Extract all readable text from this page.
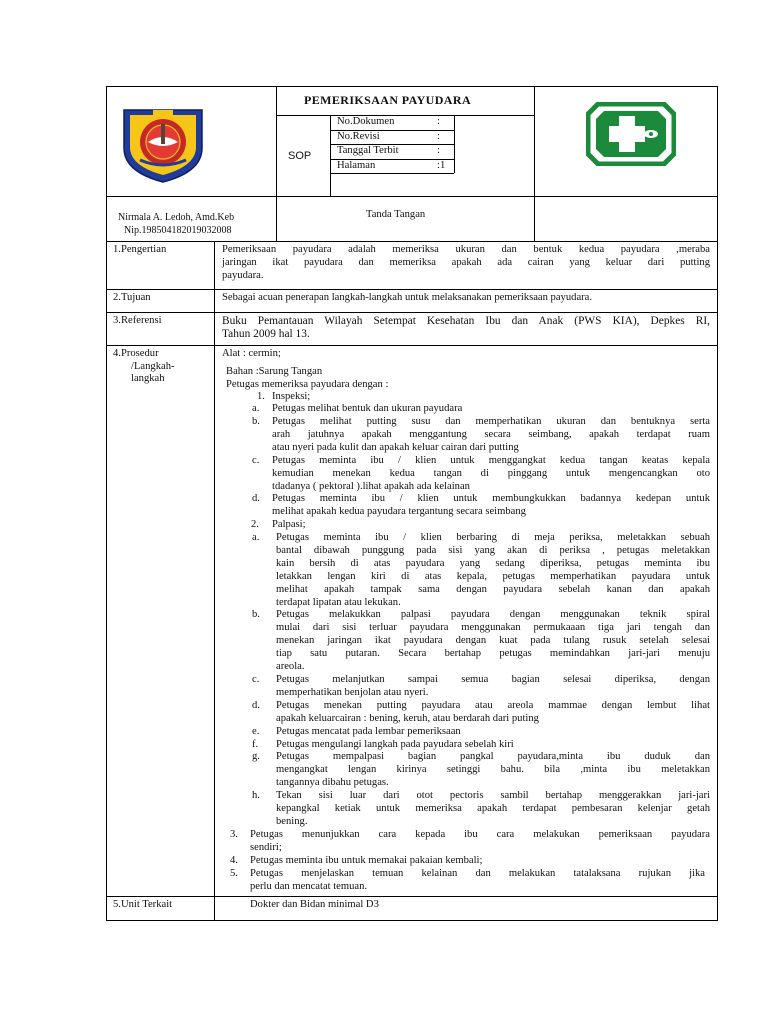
PEMERIKSAAN PAYUDARA
SOP
No.Dokumen	:
No.Revisi	:
Tanggal Terbit	:
Halaman	:1
Nirmala A. Ledoh, Amd.Keb
Nip.198504182019032008
Tanda Tangan
1.Pengertian	Pemeriksaan payudara adalah memeriksa ukuran dan bentuk kedua payudara ,meraba
jaringan ikat payudara dan memeriksa apakah ada cairan yang keluar dari putting
payudara.
2.Tujuan	Sebagai acuan penerapan langkah-langkah untuk melaksanakan pemeriksaan payudara.
3.Referensi	Buku Pemantauan Wilayah Setempat Kesehatan Ibu dan Anak (PWS KIA), Depkes RI,
Tahun 2009 hal 13.
4.Prosedur
/Langkah-
langkah
Alat : cermin;
Bahan :Sarung Tangan
Petugas memeriksa payudara dengan :
1. Inspeksi;
a. Petugas melihat bentuk dan ukuran payudara
b. Petugas melihat putting susu dan memperhatikan ukuran dan bentuknya serta
arah jatuhnya apakah menggantung secara seimbang, apakah terdapat ruam
atau nyeri pada kulit dan apakah keluar cairan dari putting
c. Petugas meminta ibu / klien untuk menggangkat kedua tangan keatas kepala
kemudian menekan kedua tangan di pinggang untuk mengencangkan oto
tdadanya ( pektoral ).lihat apakah ada kelainan
d. Petugas meminta ibu / klien untuk membungkukkan badannya kedepan untuk
melihat apakah kedua payudara tergantung secara seimbang
2. Palpasi;
a. Petugas meminta ibu / klien berbaring di meja periksa, meletakkan sebuah
bantal dibawah punggung pada sisi yang akan di periksa , petugas meletakkan
kain bersih di atas payudara yang sedang diperiksa, petugas meminta ibu
letakkan lengan kiri di atas kepala, petugas memperhatikan payudara untuk
melihat apakah tampak sama dengan payudara sebelah kanan dan apakah
terdapat lipatan atau lekukan.
b. Petugas melakukkan palpasi payudara dengan menggunakan teknik spiral
mulai dari sisi terluar payudara menggunakan permukaaan tiga jari tengah dan
menekan jaringan ikat payudara dengan kuat pada tulang rusuk setelah selesai
tiap satu putaran. Secara bertahap petugas memindahkan jari-jari menuju
areola.
c. Petugas melanjutkan sampai semua bagian selesai diperiksa, dengan
memperhatikan benjolan atau nyeri.
d. Petugas menekan putting payudara atau areola mammae dengan lembut lihat
apakah keluarcairan : bening, keruh, atau berdarah dari puting
e. Petugas mencatat pada lembar pemeriksaan
f. Petugas mengulangi langkah pada payudara sebelah kiri
g. Petugas mempalpasi bagian pangkal payudara,minta ibu duduk dan
mengangkat lengan kirinya setinggi bahu. bila ,minta ibu meletakkan
tangannya dibahu petugas.
h. Tekan sisi luar dari otot pectoris sambil bertahap menggerakkan jari-jari
kepangkal ketiak untuk memeriksa apakah terdapat pembesaran kelenjar getah
bening.
3. Petugas menunjukkan cara kepada ibu cara melakukan pemeriksaan payudara
sendiri;
4. Petugas meminta ibu untuk memakai pakaian kembali;
5. Petugas menjelaskan temuan kelainan dan melakukan tatalaksana rujukan jika
perlu dan mencatat temuan.
5.Unit Terkait	Dokter dan Bidan minimal D3
